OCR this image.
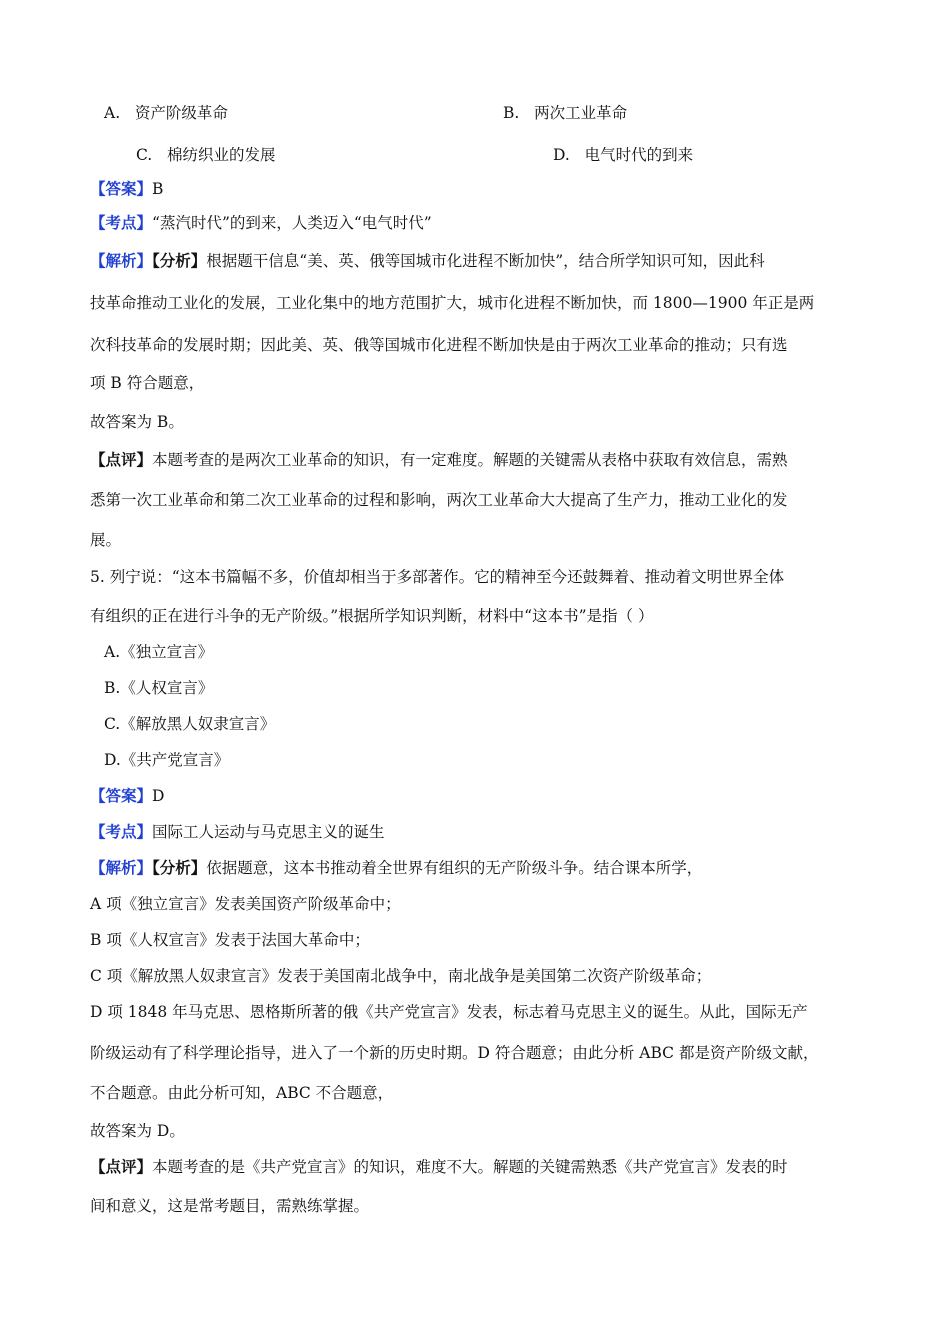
A. 资产阶级革命	B. 两次工业革命
C. 棉纺织业的发展	D. 电气时代的到来
【答案】B
【考点】“蒸汽时代”的到来，人类迈入“电气时代”
【解析】【分析】根据题干信息“美、英、俄等国城市化进程不断加快”，结合所学知识可知，因此科
技革命推动工业化的发展，工业化集中的地方范围扩大，城市化进程不断加快，而 1800—1900 年正是两
次科技革命的发展时期；因此美、英、俄等国城市化进程不断加快是由于两次工业革命的推动；只有选
项 B 符合题意，
故答案为 B。
【点评】本题考查的是两次工业革命的知识，有一定难度。解题的关键需从表格中获取有效信息，需熟
悉第一次工业革命和第二次工业革命的过程和影响，两次工业革命大大提高了生产力，推动工业化的发
展。
5. 列宁说：“这本书篇幅不多，价值却相当于多部著作。它的精神至今还鼓舞着、推动着文明世界全体
有组织的正在进行斗争的无产阶级。”根据所学知识判断，材料中“这本书”是指（ ）
A.《独立宣言》
B.《人权宣言》
C.《解放黑人奴隶宣言》
D.《共产党宣言》
【答案】D
【考点】国际工人运动与马克思主义的诞生
【解析】【分析】依据题意，这本书推动着全世界有组织的无产阶级斗争。结合课本所学，
A 项《独立宣言》发表美国资产阶级革命中；
B 项《人权宣言》发表于法国大革命中；
C 项《解放黑人奴隶宣言》发表于美国南北战争中，南北战争是美国第二次资产阶级革命；
D 项 1848 年马克思、恩格斯所著的俄《共产党宣言》发表，标志着马克思主义的诞生。从此，国际无产
阶级运动有了科学理论指导，进入了一个新的历史时期。D 符合题意；由此分析 ABC 都是资产阶级文献，
不合题意。由此分析可知，ABC 不合题意，
故答案为 D。
【点评】本题考查的是《共产党宣言》的知识，难度不大。解题的关键需熟悉《共产党宣言》发表的时
间和意义，这是常考题目，需熟练掌握。
